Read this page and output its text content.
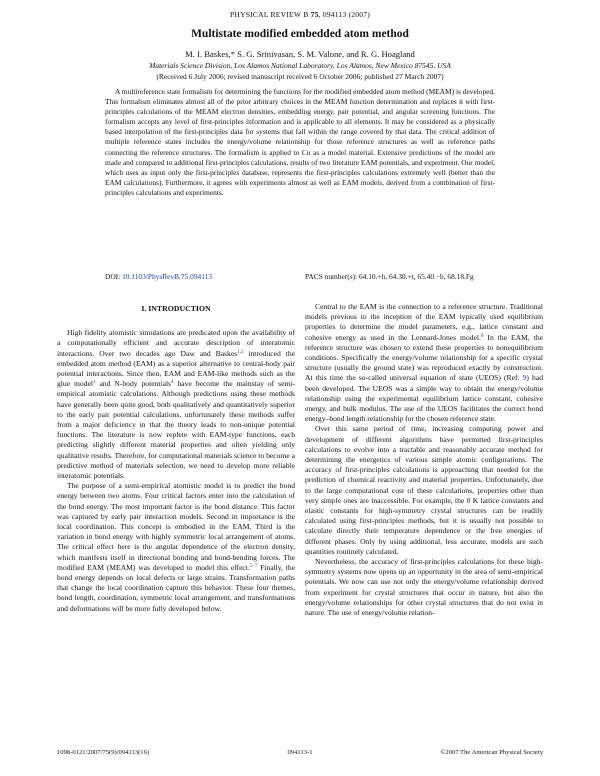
PHYSICAL REVIEW B 75, 094113 (2007)
Multistate modified embedded atom method
M. I. Baskes,* S. G. Srinivasan, S. M. Valone, and R. G. Hoagland
Materials Science Division, Los Alamos National Laboratory, Los Alamos, New Mexico 87545, USA
(Received 6 July 2006; revised manuscript received 6 October 2006; published 27 March 2007)

A multireference state formalism for determining the functions for the modified embedded atom method (MEAM) is developed. This formalism eliminates almost all of the prior arbitrary choices in the MEAM function determination and replaces it with first-principles calculations of the MEAM electron densities, embedding energy, pair potential, and angular screening functions. The formalism accepts any level of first-principles information and is applicable to all elements. It may be considered as a physically based interpolation of the first-principles data for systems that fall within the range covered by that data. The critical addition of multiple reference states includes the energy/volume relationship for those reference structures as well as reference paths connecting the reference structures. The formalism is applied to Cu as a model material. Extensive predictions of the model are made and compared to additional first-principles calculations, results of two literature EAM potentials, and experiment. Our model, which uses as input only the first-principles database, represents the first-principles calculations extremely well (better than the EAM calculations). Furthermore, it agrees with experiments almost as well as EAM models, derived from a combination of first-principles calculations and experiments.

DOI: 10.1103/PhysRevB.75.094113	PACS number(s): 64.10.+h, 64.30.+t, 65.40.−b, 68.18.Fg

I. INTRODUCTION

High fidelity atomistic simulations are predicated upon the availability of a computationally efficient and accurate description of interatomic interactions. Over two decades ago Daw and Baskes$^{1,2}$ introduced the embedded atom method (EAM) as a superior alternative to central-body pair potential interactions. Since then, EAM and EAM-like methods such as the glue model$^3$ and N-body potentials$^4$ have become the mainstay of semi-empirical atomistic calculations. Although predictions using these methods have generally been quite good, both qualitatively and quantitatively superior to the early pair potential calculations, unfortunately these methods suffer from a major deficiency in that the theory leads to non-unique potential functions. The literature is now replete with EAM-type functions, each predicting slightly different material properties and often yielding only qualitative results. Therefore, for computational materials science to become a predictive method of materials selection, we need to develop more reliable interatomic potentials.

The purpose of a semi-empirical atomistic model is to predict the bond energy between two atoms. Four critical factors enter into the calculation of the bond energy. The most important factor is the bond distance. This factor was captured by early pair interaction models. Second in importance is the local coordination. This concept is embodied in the EAM. Third is the variation in bond energy with highly symmetric local arrangement of atoms. The critical effect here is the angular dependence of the electron density, which manifests itself in directional bonding and bond-bending forces. The modified EAM (MEAM) was developed to model this effect.$^{5-7}$ Finally, the bond energy depends on local defects or large strains. Transformation paths that change the local coordination capture this behavior. These four themes, bond length, coordination, symmetric local arrangement, and transformations and deformations will be more fully developed below.

Central to the EAM is the connection to a reference structure. Traditional models previous to the inception of the EAM typically used equilibrium properties to determine the model parameters, e.g., lattice constant and cohesive energy as used in the Lennard-Jones model.$^8$ In the EAM, the reference structure was chosen to extend these properties to nonequilibrium conditions. Specifically the energy/volume relationship for a specific crystal structure (usually the ground state) was reproduced exactly by construction. At this time the so-called universal equation of state (UEOS) (Ref. 9) had been developed. The UEOS was a simple way to obtain the energy/volume relationship using the experimental equilibrium lattice constant, cohesive energy, and bulk modulus. The use of the UEOS facilitates the correct bond energy–bond length relationship for the chosen reference state.

Over this same period of time, increasing computing power and development of different algorithms have permitted first-principles calculations to evolve into a tractable and reasonably accurate method for determining the energetics of various simple atomic configurations. The accuracy of first-principles calculations is approaching that needed for the prediction of chemical reactivity and material properties. Unfortunately, due to the large computational cost of these calculations, properties other than very simple ones are inaccessible. For example, the 0 K lattice constants and elastic constants for high-symmetry crystal structures can be readily calculated using first-principles methods, but it is usually not possible to calculate directly their temperature dependence or the free energies of different phases. Only by using additional, less accurate, models are such quantities routinely calculated.

Nevertheless, the accuracy of first-principles calculations for these high-symmetry systems now opens up an opportunity in the area of semi-empirical potentials. We now can use not only the energy/volume relationship derived from experiment for crystal structures that occur in nature, but also the energy/volume relationships for other crystal structures that do not exist in nature. The use of energy/volume relation-

1098-0121/2007/75(9)/094113(16)	094113-1	©2007 The American Physical Society
